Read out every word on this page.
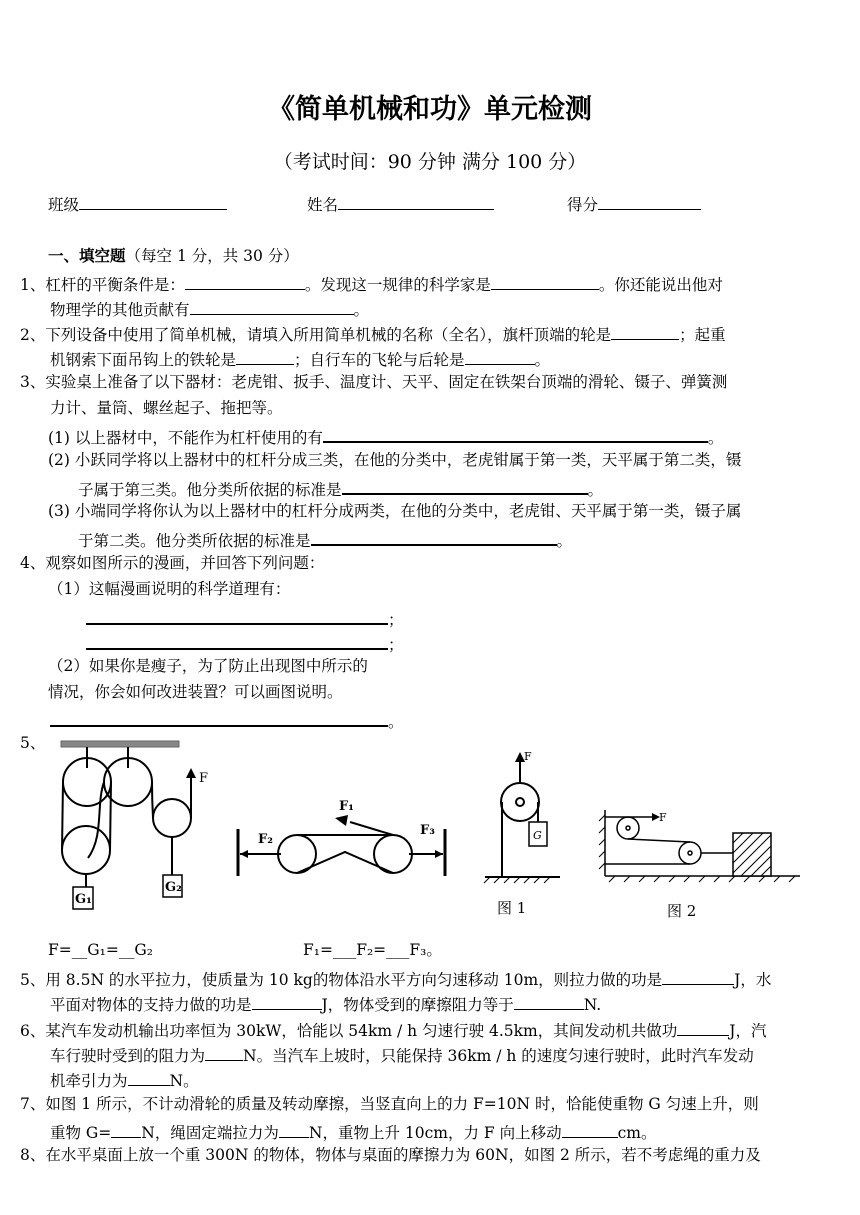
《简单机械和功》单元检测
（考试时间：90 分钟 满分 100 分）
班级	姓名	得分
一、填空题（每空 1 分，共 30 分）
1、杠杆的平衡条件是：	。发现这一规律的科学家是	。你还能说出他对
物理学的其他贡献有	。
2、下列设备中使用了简单机械，请填入所用简单机械的名称（全名），旗杆顶端的轮是	；起重
机钢索下面吊钩上的铁轮是	；自行车的飞轮与后轮是	。
3、实验桌上准备了以下器材：老虎钳、扳手、温度计、天平、固定在铁架台顶端的滑轮、镊子、弹簧测
力计、量筒、螺丝起子、拖把等。
(1) 以上器材中，不能作为杠杆使用的有	。
(2) 小跃同学将以上器材中的杠杆分成三类，在他的分类中，老虎钳属于第一类，天平属于第二类，镊
子属于第三类。他分类所依据的标准是	。
(3) 小端同学将你认为以上器材中的杠杆分成两类，在他的分类中，老虎钳、天平属于第一类，镊子属
于第二类。他分类所依据的标准是	。
4、观察如图所示的漫画，并回答下列问题：
（1）这幅漫画说明的科学道理有：
；
；
（2）如果你是瘦子，为了防止出现图中所示的
情况，你会如何改进装置？可以画图说明。
。
5、
F
G₁
G₂
F₁
F₂
F₃
F
G
图 1
F
图 2
F=__G₁=__G₂	F₁=___F₂=___F₃。
5、用 8.5N 的水平拉力，使质量为 10 kg的物体沿水平方向匀速移动 10m，则拉力做的功是	J，水
平面对物体的支持力做的功是	J，物体受到的摩擦阻力等于	N.
6、某汽车发动机输出功率恒为 30kW，恰能以 54km / h 匀速行驶 4.5km，其间发动机共做功	J，汽
车行驶时受到的阻力为 N。当汽车上坡时，只能保持 36km / h 的速度匀速行驶时，此时汽车发动
机牵引力为	N。
7、如图 1 所示，不计动滑轮的质量及转动摩擦，当竖直向上的力 F=10N 时，恰能使重物 G 匀速上升，则
重物 G= N，绳固定端拉力为 N，重物上升 10cm，力 F 向上移动	cm。
8、在水平桌面上放一个重 300N 的物体，物体与桌面的摩擦力为 60N，如图 2 所示，若不考虑绳的重力及
